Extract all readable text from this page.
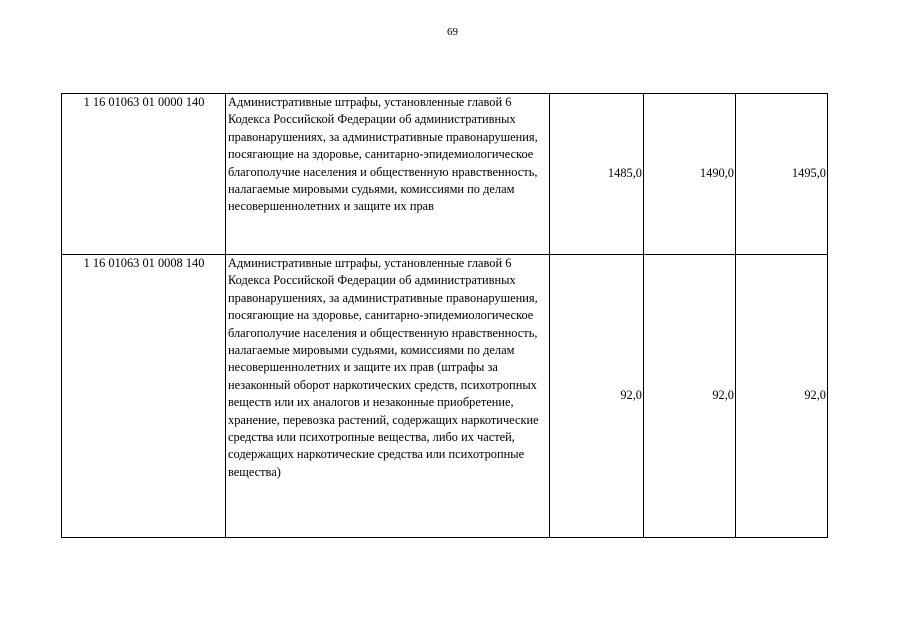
69
1 16 01063 01 0000 140	Административные штрафы, установленные главой 6 Кодекса Российской Федерации об административных правонарушениях, за административные правонарушения, посягающие на здоровье, санитарно-эпидемиологическое благополучие населения и общественную нравственность, налагаемые мировыми судьями, комиссиями по делам несовершеннолетних и защите их прав	1485,0	1490,0	1495,0
1 16 01063 01 0008 140	Административные штрафы, установленные главой 6 Кодекса Российской Федерации об административных правонарушениях, за административные правонарушения, посягающие на здоровье, санитарно-эпидемиологическое благополучие населения и общественную нравственность, налагаемые мировыми судьями, комиссиями по делам несовершеннолетних и защите их прав (штрафы за незаконный оборот наркотических средств, психотропных веществ или их аналогов и незаконные приобретение, хранение, перевозка растений, содержащих наркотические средства или психотропные вещества, либо их частей, содержащих наркотические средства или психотропные вещества)	92,0	92,0	92,0
